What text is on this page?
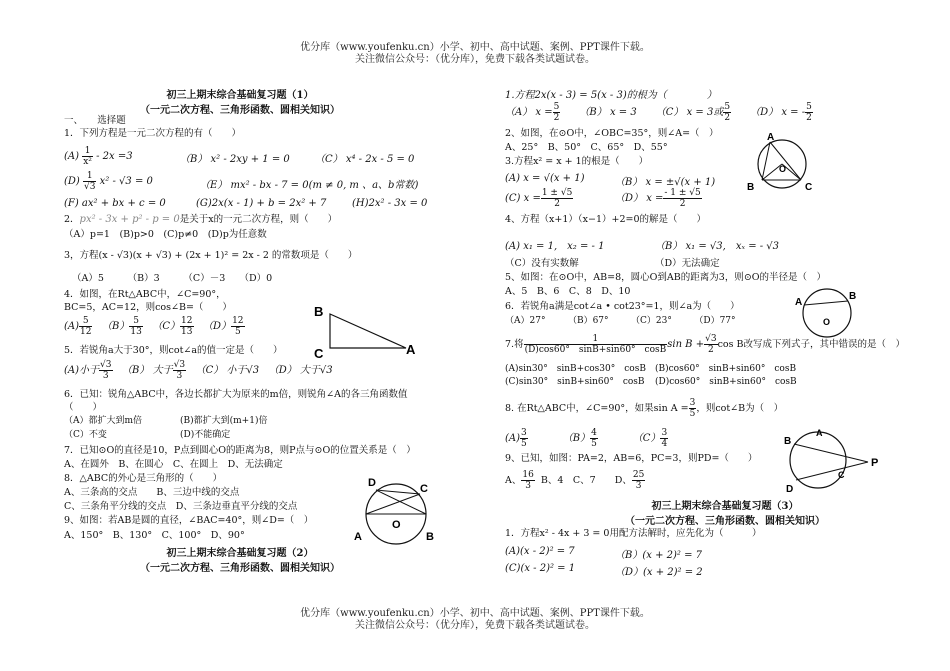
优分库（www.youfenku.cn）小学、初中、高中试题、案例、PPT课件下载。
关注微信公众号：（优分库），免费下载各类试题试卷。
初三上期末综合基础复习题（1）
（一元二次方程、三角形函数、圆相关知识）
一、　　选择题
1．下列方程是一元二次方程的有（　　）
$(A) \frac{1}{\text{x²}} - 2x =3$	（B） x² - 2xy + 1 = 0	（C） x⁴ - 2x - 5 = 0
$(D) \frac{1}{√3} x^2 - √3 = 0$	（E） mx² - bx - 7 = 0(m ≠ 0, m 、a、b常数)
(F) ax² + bx + c = 0	(G)2x(x - 1) + b = 2x² + 7	(H)2x² - 3x = 0
2．px² - 3x + p² - p = 0是关于x的一元二次方程，则（　　）
（A）p=1　(B)p>0　(C)p≠0　(D)p为任意数
3，方程(x - √3)(x + √3) + (2x + 1)² = 2x - 2 的常数项是（　　）
（A）5　　　（B）3　　　（C）－3　　（D）0
4．如图，在Rt△ABC中，∠C=90°，
BC=5，AC=12，则cos∠B=（　　）
$(A) \frac{5}{12} (B) \frac{5}{13} (C) \frac{12}{13} (D) \frac{12}{5}$
5．若锐角a大于30°，则cot∠a的值一定是（　　）
(A)小于 $\frac{√3}{3} (B)$ 大于 $\frac{√3}{3} (C)$ 小于√3 （D） 大于√3
6．已知：锐角△ABC中，各边长都扩大为原来的m倍，则锐角∠A的各三角函数值
（　　）
（A）都扩大到m倍	(B)都扩大到(m+1)倍
（C）不变	(D)不能确定
7．已知⊙O的直径是10，P点到圆心O的距离为8，则P点与⊙O的位置关系是（　）
A、在圆外　B、在圆心　C、在圆上　D、无法确定
8．△ABC的外心是三角形的（　　）
A、三条高的交点　　B、三边中线的交点
C、三条角平分线的交点　D、三条边垂直平分线的交点
9、如图：若AB是圆的直径，∠BAC=40°，则∠D=（　）
A、150°　B、130°　C、100°　D、90°
初三上期末综合基础复习题（2）
（一元二次方程、三角形函数、圆相关知识）
B
C	A
D	C
O
A	B
1.方程2x(x - 3) = 5(x - 3)的根为（　　　　）
（A） $x = \frac{5}{2} (B) x = 3$ （C） x = 3或 $\frac{5}{2} (D) x$ = - $\frac{5}{2}$
2、如图，在⊙O中，∠OBC=35°，则∠A=（　）
A、25°　B、50°　C、65°　D、55°
3.方程x² = x + 1的根是（　　）
(A) x = √(x + 1)	（B） x = ±√(x + 1)
(C) $x = \frac{1 \pm √5}{2}$	（D） $x = \frac{- 1 \pm √5}{2}$
4、方程（x+1）（x−1）+2=0的解是（　　）
(A) x₁ = 1,　x₂ = - 1	（B） x₁ = √3,　xₓ = - √3
（C）没有实数解	（D）无法确定
5、如图：在⊙O中，AB=8，圆心O到AB的距离为3，则⊙O的半径是（　）
A、5　B、6　C、8　D、10
6．若锐角a满是cot∠a • cot23°=1，则∠a为（　　）
（A）27°　　　（B）67°　　　（C）23°　　　（D）77°
7.将 $\frac{1}{(D)\cos 60^\circ \sin B+\sin 60^\circ \cos B}$ $\sin B + \frac{√3}{2}$ cos B改写成下列式子，其中错误的是（　）
(A)sin30°　sinB+cos30°　cosB (B)cos60°　sinB+sin60°　cosB
(C)sin30°　sinB+sin60°　cosB (D)cos60°　sinB+sin60°　cosB
8. 在Rt△ABC中，∠C=90°，如果$\sin A = \frac{3}{5}$ ，则cot∠B为（　）
$(A) \frac{3}{5}$	$(B) \frac{4}{5}$	$(C) \frac{3}{4}$
9、已知，如图：PA=2，AB=6，PC=3，则PD=（　　）
A、 $\frac{16}{3}$ B、4　C、7　　D、 $\frac{25}{3}$
初三上期末综合基础复习题（3）
（一元二次方程、三角形函数、圆相关知识）
1．方程x² - 4x + 3 = 0用配方法解时，应先化为（　　　）
(A)(x - 2)² = 7	（B）(x + 2)² = 7
(C)(x - 2)² = 1	（D）(x + 2)² = 2
A
O
B	C
A
B
O
B
A
C
D
P
优分库（www.youfenku.cn）小学、初中、高中试题、案例、PPT课件下载。
关注微信公众号：（优分库），免费下载各类试题试卷。
